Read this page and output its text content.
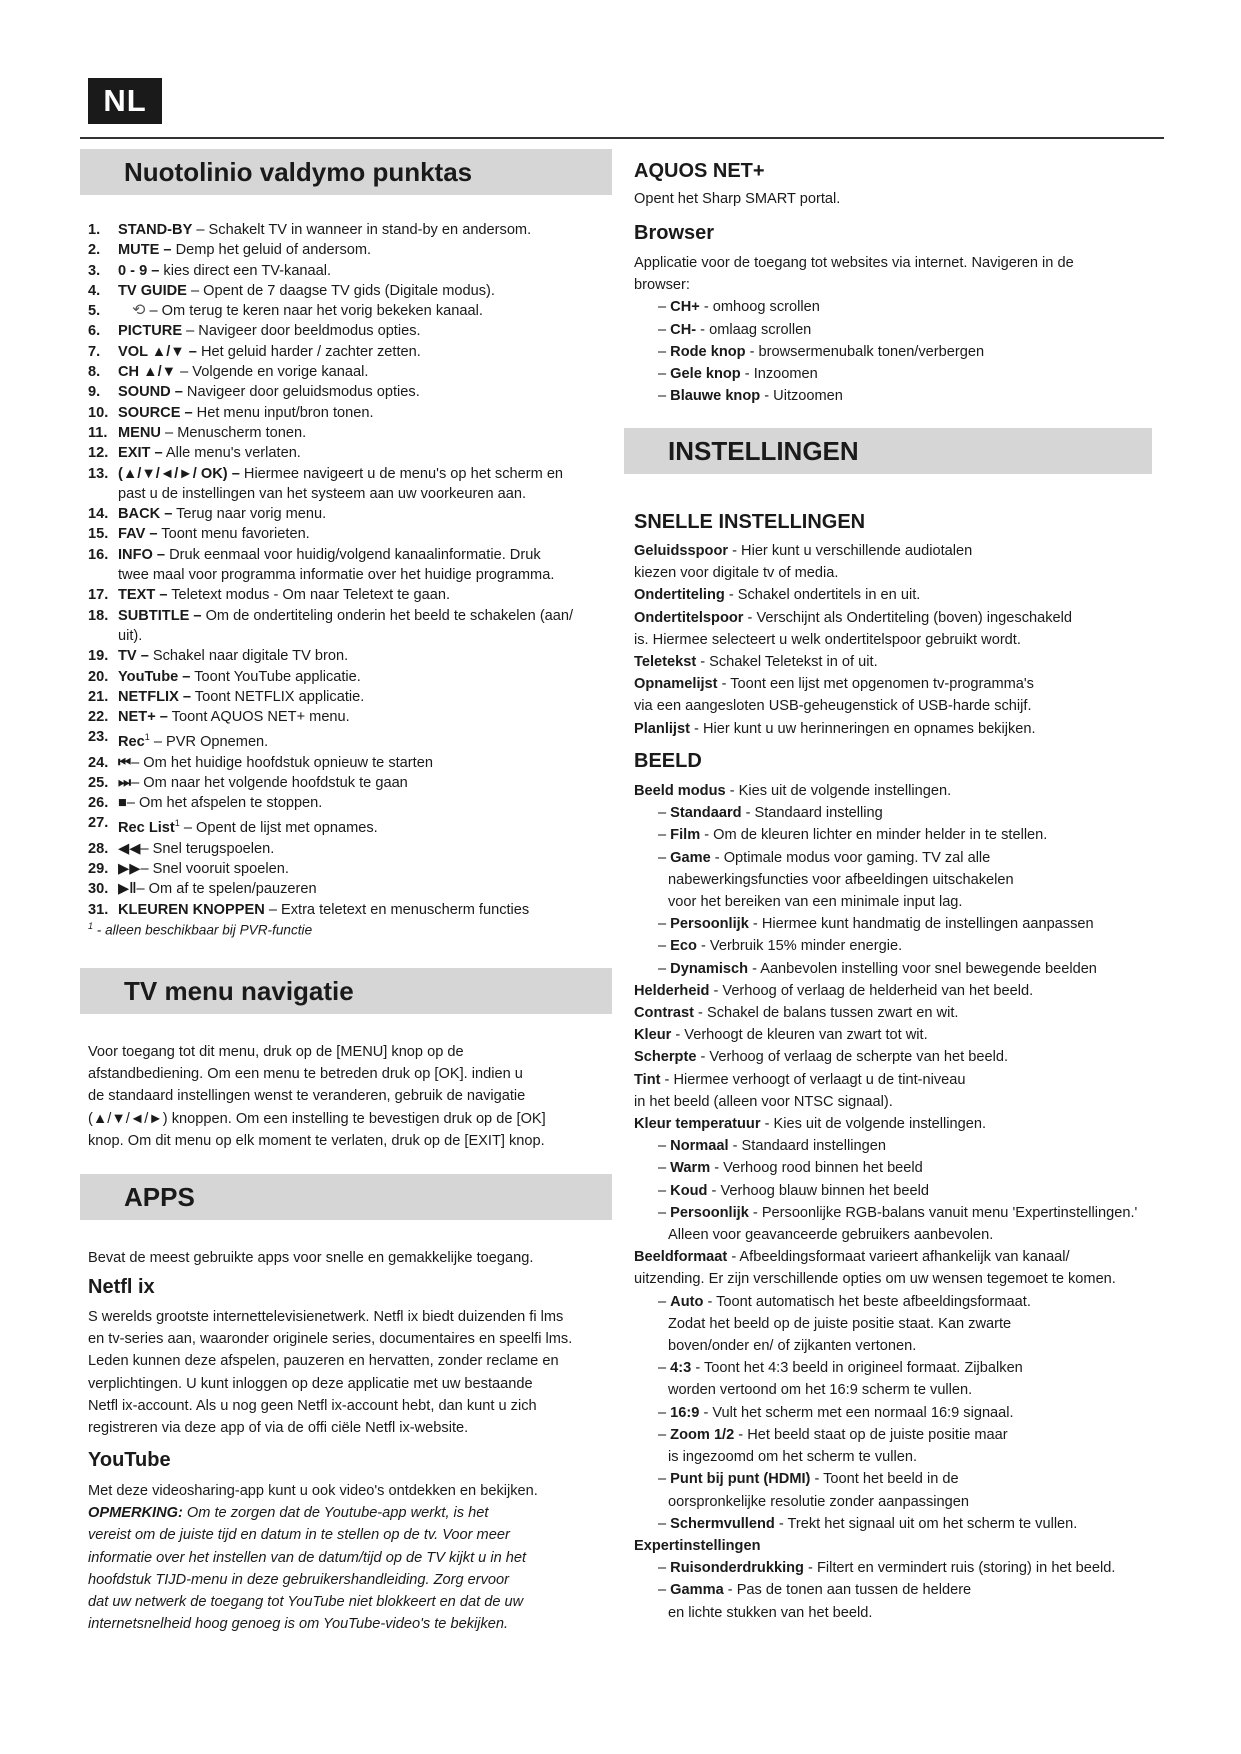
NL
Nuotolinio valdymo punktas
1. STAND-BY – Schakelt TV in wanneer in stand-by en andersom.
2. MUTE – Demp het geluid of andersom.
3. 0 - 9 – kies direct een TV-kanaal.
4. TV GUIDE – Opent de 7 daagse TV gids (Digitale modus).
5. ⟲ – Om terug te keren naar het vorig bekeken kanaal.
6. PICTURE – Navigeer door beeldmodus opties.
7. VOL ▲/▼ – Het geluid harder / zachter zetten.
8. CH ▲/▼ – Volgende en vorige kanaal.
9. SOUND – Navigeer door geluidsmodus opties.
10. SOURCE – Het menu input/bron tonen.
11. MENU – Menuscherm tonen.
12. EXIT – Alle menu's verlaten.
13. (▲/▼/◄/►/ OK) – Hiermee navigeert u de menu's op het scherm en
past u de instellingen van het systeem aan uw voorkeuren aan.
14. BACK – Terug naar vorig menu.
15. FAV – Toont menu favorieten.
16. INFO – Druk eenmaal voor huidig/volgend kanaalinformatie. Druk
twee maal voor programma informatie over het huidige programma.
17. TEXT – Teletext modus - Om naar Teletext te gaan.
18. SUBTITLE – Om de ondertiteling onderin het beeld te schakelen (aan/
uit).
19. TV – Schakel naar digitale TV bron.
20. YouTube – Toont YouTube applicatie.
21. NETFLIX – Toont NETFLIX applicatie.
22. NET+ – Toont AQUOS NET+ menu.
23. Rec$^1$ – PVR Opnemen.
24. ⏮– Om het huidige hoofdstuk opnieuw te starten
25. ⏭– Om naar het volgende hoofdstuk te gaan
26. ■– Om het afspelen te stoppen.
27. Rec List$^1$ – Opent de lijst met opnames.
28. ◀◀– Snel terugspoelen.
29. ▶▶– Snel vooruit spoelen.
30. ▶‖– Om af te spelen/pauzeren
31. KLEUREN KNOPPEN – Extra teletext en menuscherm functies
$^1$ - alleen beschikbaar bij PVR-functie
TV menu navigatie
Voor toegang tot dit menu, druk op de [MENU] knop op de
afstandbediening. Om een menu te betreden druk op [OK]. indien u
de standaard instellingen wenst te veranderen, gebruik de navigatie
(▲/▼/◄/►) knoppen. Om een instelling te bevestigen druk op de [OK]
knop. Om dit menu op elk moment te verlaten, druk op de [EXIT] knop.
APPS
Bevat de meest gebruikte apps voor snelle en gemakkelijke toegang.
Netfl ix
S werelds grootste internettelevisienetwerk. Netfl ix biedt duizenden fi lms
en tv-series aan, waaronder originele series, documentaires en speelfi lms.
Leden kunnen deze afspelen, pauzeren en hervatten, zonder reclame en
verplichtingen. U kunt inloggen op deze applicatie met uw bestaande
Netfl ix-account. Als u nog geen Netfl ix-account hebt, dan kunt u zich
registreren via deze app of via de offi ciële Netfl ix-website.
YouTube
Met deze videosharing-app kunt u ook video's ontdekken en bekijken.
OPMERKING: Om te zorgen dat de Youtube-app werkt, is het
vereist om de juiste tijd en datum in te stellen op de tv. Voor meer
informatie over het instellen van de datum/tijd op de TV kijkt u in het
hoofdstuk TIJD-menu in deze gebruikershandleiding. Zorg ervoor
dat uw netwerk de toegang tot YouTube niet blokkeert en dat de uw
internetsnelheid hoog genoeg is om YouTube-video's te bekijken.
AQUOS NET+
Opent het Sharp SMART portal.
Browser
Applicatie voor de toegang tot websites via internet. Navigeren in de
browser:
– CH+ - omhoog scrollen
– CH- - omlaag scrollen
– Rode knop - browsermenubalk tonen/verbergen
– Gele knop - Inzoomen
– Blauwe knop - Uitzoomen
INSTELLINGEN
SNELLE INSTELLINGEN
Geluidsspoor - Hier kunt u verschillende audiotalen
kiezen voor digitale tv of media.
Ondertiteling - Schakel ondertitels in en uit.
Ondertitelspoor - Verschijnt als Ondertiteling (boven) ingeschakeld
is. Hiermee selecteert u welk ondertitelspoor gebruikt wordt.
Teletekst - Schakel Teletekst in of uit.
Opnamelijst - Toont een lijst met opgenomen tv-programma's
via een aangesloten USB-geheugenstick of USB-harde schijf.
Planlijst - Hier kunt u uw herinneringen en opnames bekijken.
BEELD
Beeld modus - Kies uit de volgende instellingen.
– Standaard - Standaard instelling
– Film - Om de kleuren lichter en minder helder in te stellen.
– Game - Optimale modus voor gaming. TV zal alle
nabewerkingsfuncties voor afbeeldingen uitschakelen
voor het bereiken van een minimale input lag.
– Persoonlijk - Hiermee kunt handmatig de instellingen aanpassen
– Eco - Verbruik 15% minder energie.
– Dynamisch - Aanbevolen instelling voor snel bewegende beelden
Helderheid - Verhoog of verlaag de helderheid van het beeld.
Contrast - Schakel de balans tussen zwart en wit.
Kleur - Verhoogt de kleuren van zwart tot wit.
Scherpte - Verhoog of verlaag de scherpte van het beeld.
Tint - Hiermee verhoogt of verlaagt u de tint-niveau
in het beeld (alleen voor NTSC signaal).
Kleur temperatuur - Kies uit de volgende instellingen.
– Normaal - Standaard instellingen
– Warm - Verhoog rood binnen het beeld
– Koud - Verhoog blauw binnen het beeld
– Persoonlijk - Persoonlijke RGB-balans vanuit menu 'Expertinstellingen.'
Alleen voor geavanceerde gebruikers aanbevolen.
Beeldformaat - Afbeeldingsformaat varieert afhankelijk van kanaal/
uitzending. Er zijn verschillende opties om uw wensen tegemoet te komen.
– Auto - Toont automatisch het beste afbeeldingsformaat.
Zodat het beeld op de juiste positie staat. Kan zwarte
boven/onder en/ of zijkanten vertonen.
– 4:3 - Toont het 4:3 beeld in origineel formaat. Zijbalken
worden vertoond om het 16:9 scherm te vullen.
– 16:9 - Vult het scherm met een normaal 16:9 signaal.
– Zoom 1/2 - Het beeld staat op de juiste positie maar
is ingezoomd om het scherm te vullen.
– Punt bij punt (HDMI) - Toont het beeld in de
oorspronkelijke resolutie zonder aanpassingen
– Schermvullend - Trekt het signaal uit om het scherm te vullen.
Expertinstellingen
– Ruisonderdrukking - Filtert en vermindert ruis (storing) in het beeld.
– Gamma - Pas de tonen aan tussen de heldere
en lichte stukken van het beeld.
